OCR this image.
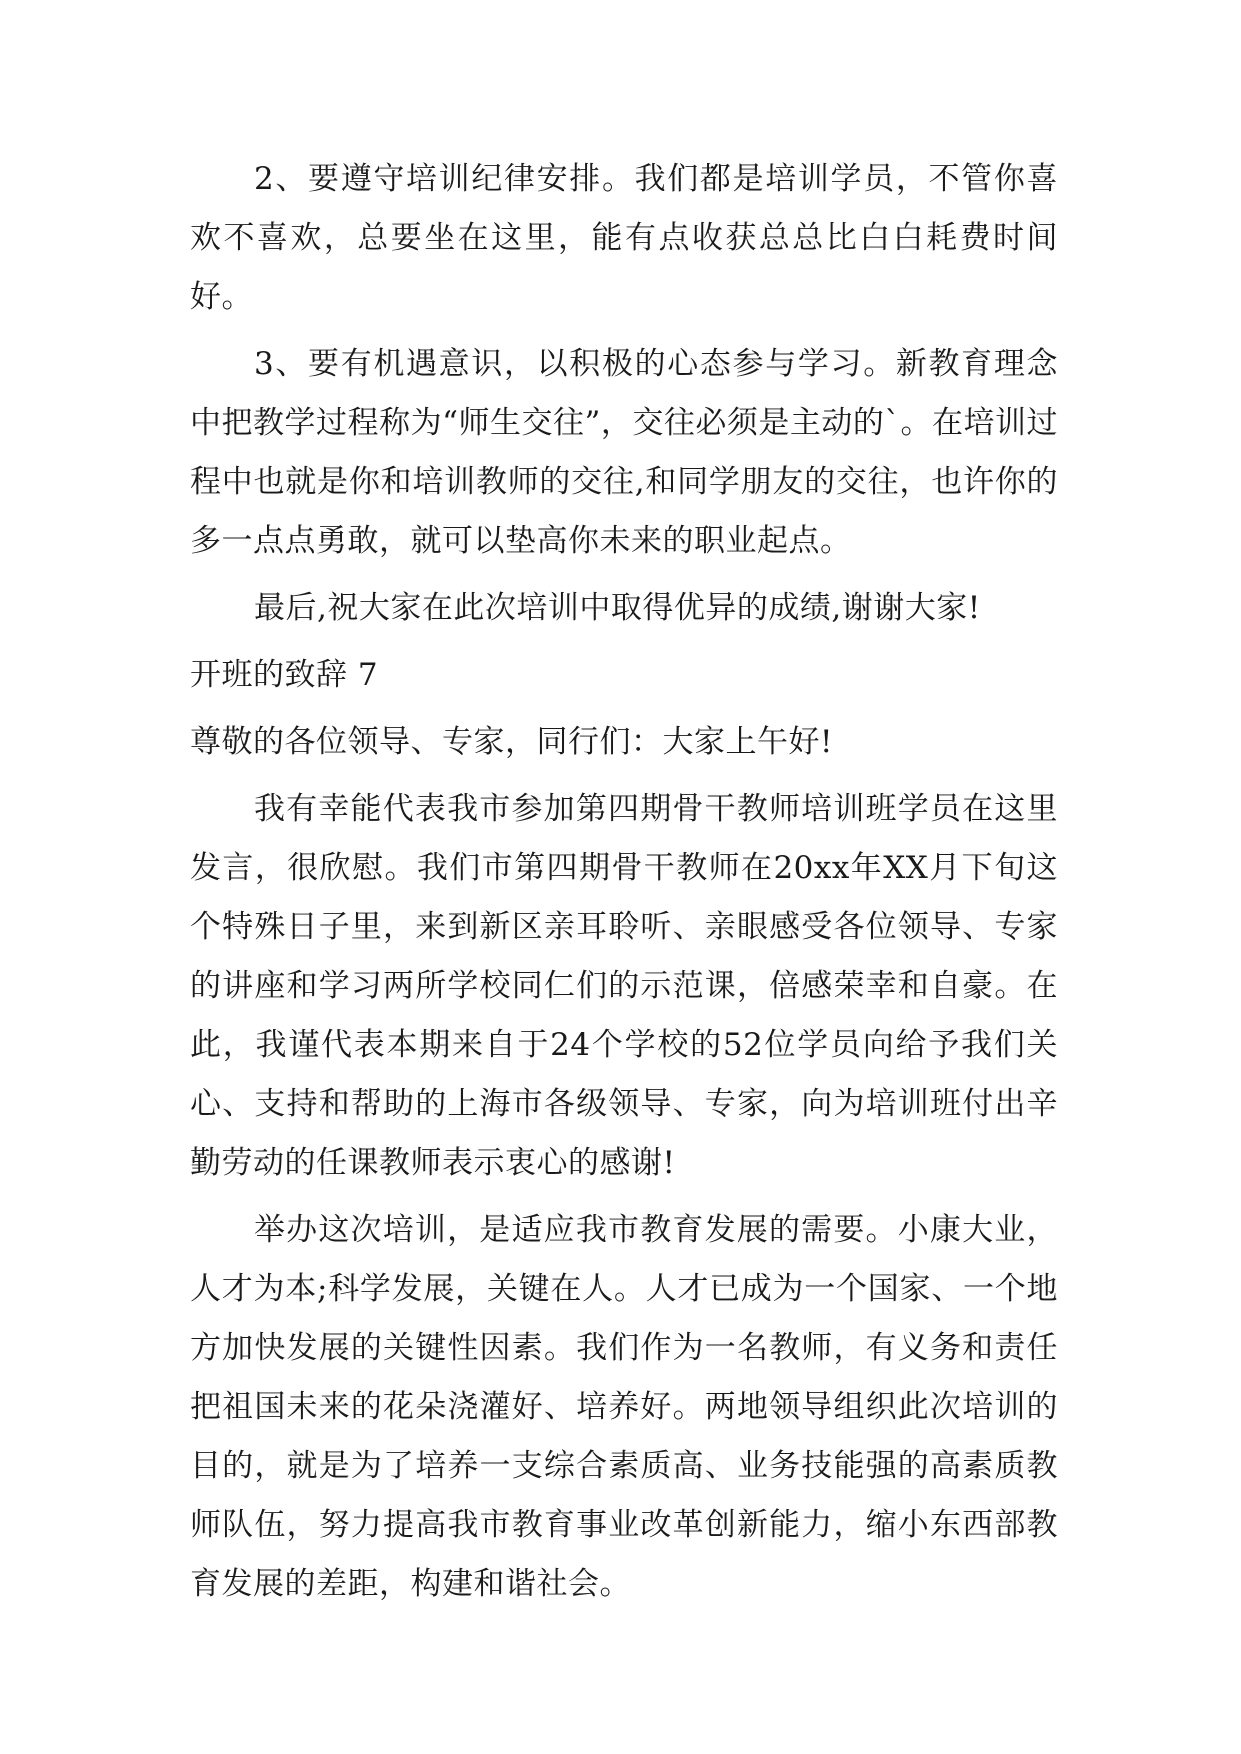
2、要遵守培训纪律安排。我们都是培训学员，不管你喜欢不喜欢，总要坐在这里，能有点收获总总比白白耗费时间好。

3、要有机遇意识，以积极的心态参与学习。新教育理念中把教学过程称为“师生交往”，交往必须是主动的`。在培训过程中也就是你和培训教师的交往,和同学朋友的交往，也许你的多一点点勇敢，就可以垫高你未来的职业起点。

最后,祝大家在此次培训中取得优异的成绩,谢谢大家!

开班的致辞 7

尊敬的各位领导、专家，同行们：大家上午好!

我有幸能代表我市参加第四期骨干教师培训班学员在这里发言，很欣慰。我们市第四期骨干教师在20xx年XX月下旬这个特殊日子里，来到新区亲耳聆听、亲眼感受各位领导、专家的讲座和学习两所学校同仁们的示范课，倍感荣幸和自豪。在此，我谨代表本期来自于24个学校的52位学员向给予我们关心、支持和帮助的上海市各级领导、专家，向为培训班付出辛勤劳动的任课教师表示衷心的感谢!

举办这次培训，是适应我市教育发展的需要。小康大业，人才为本;科学发展，关键在人。人才已成为一个国家、一个地方加快发展的关键性因素。我们作为一名教师，有义务和责任把祖国未来的花朵浇灌好、培养好。两地领导组织此次培训的目的，就是为了培养一支综合素质高、业务技能强的高素质教师队伍，努力提高我市教育事业改革创新能力，缩小东西部教育发展的差距，构建和谐社会。
